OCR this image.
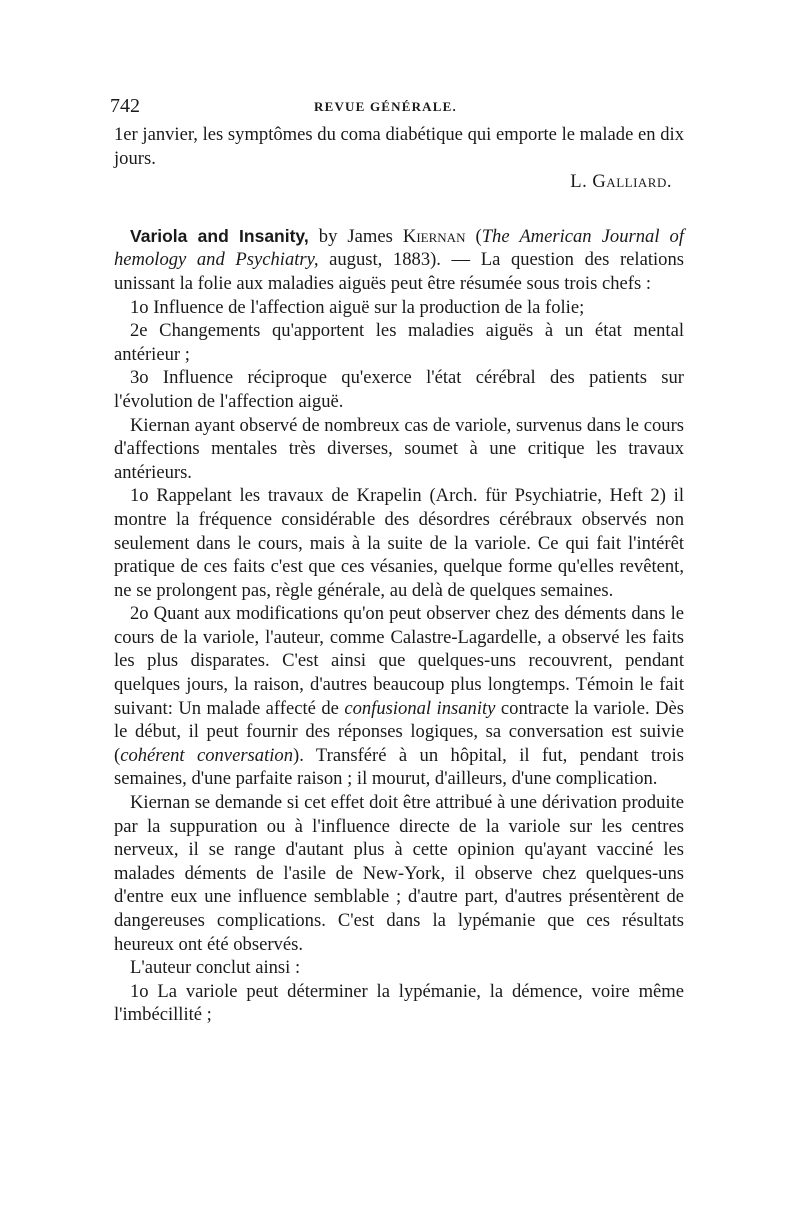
742	REVUE GÉNÉRALE.

1er janvier, les symptômes du coma diabétique qui emporte le malade en dix jours.

L. Galliard.

Variola and Insanity, by James Kiernan (The American Journal of hemology and Psychiatry, august, 1883). — La question des relations unissant la folie aux maladies aiguës peut être résumée sous trois chefs :

1o Influence de l'affection aiguë sur la production de la folie;

2e Changements qu'apportent les maladies aiguës à un état mental antérieur ;

3o Influence réciproque qu'exerce l'état cérébral des patients sur l'évolution de l'affection aiguë.

Kiernan ayant observé de nombreux cas de variole, survenus dans le cours d'affections mentales très diverses, soumet à une critique les travaux antérieurs.

1o Rappelant les travaux de Krapelin (Arch. für Psychiatrie, Heft 2) il montre la fréquence considérable des désordres cérébraux observés non seulement dans le cours, mais à la suite de la variole. Ce qui fait l'intérêt pratique de ces faits c'est que ces vésanies, quelque forme qu'elles revêtent, ne se prolongent pas, règle générale, au delà de quelques semaines.

2o Quant aux modifications qu'on peut observer chez des déments dans le cours de la variole, l'auteur, comme Calastre-Lagardelle, a observé les faits les plus disparates. C'est ainsi que quelques-uns recouvrent, pendant quelques jours, la raison, d'autres beaucoup plus longtemps. Témoin le fait suivant: Un malade affecté de confusional insanity contracte la variole. Dès le début, il peut fournir des réponses logiques, sa conversation est suivie (cohérent conversation). Transféré à un hôpital, il fut, pendant trois semaines, d'une parfaite raison ; il mourut, d'ailleurs, d'une complication.

Kiernan se demande si cet effet doit être attribué à une dérivation produite par la suppuration ou à l'influence directe de la variole sur les centres nerveux, il se range d'autant plus à cette opinion qu'ayant vacciné les malades déments de l'asile de New-York, il observe chez quelques-uns d'entre eux une influence semblable ; d'autre part, d'autres présentèrent de dangereuses complications. C'est dans la lypémanie que ces résultats heureux ont été observés.

L'auteur conclut ainsi :

1o La variole peut déterminer la lypémanie, la démence, voire même l'imbécillité ;
